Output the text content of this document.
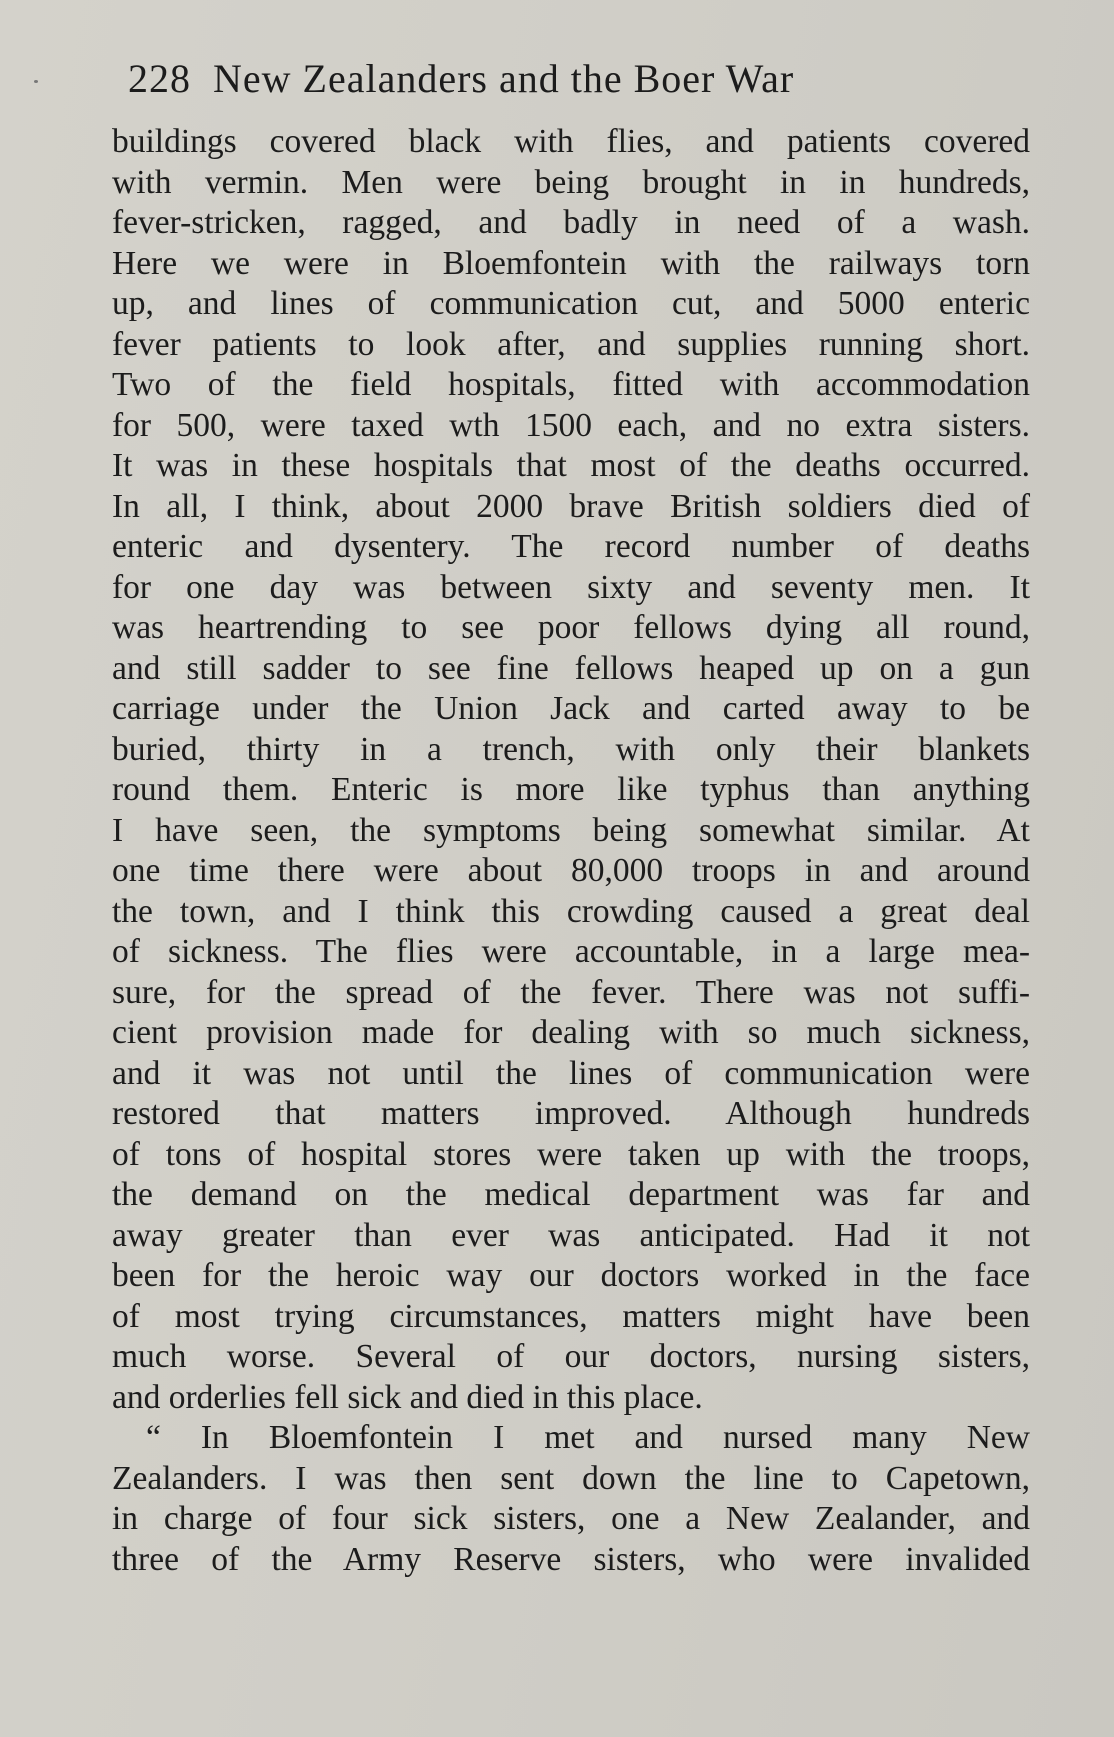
228 New Zealanders and the Boer War
buildings covered black with flies, and patients covered
with vermin. Men were being brought in in hundreds,
fever-stricken, ragged, and badly in need of a wash.
Here we were in Bloemfontein with the railways torn
up, and lines of communication cut, and 5000 enteric
fever patients to look after, and supplies running short.
Two of the field hospitals, fitted with accommodation
for 500, were taxed wth 1500 each, and no extra sisters.
It was in these hospitals that most of the deaths occurred.
In all, I think, about 2000 brave British soldiers died of
enteric and dysentery. The record number of deaths
for one day was between sixty and seventy men. It
was heartrending to see poor fellows dying all round,
and still sadder to see fine fellows heaped up on a gun
carriage under the Union Jack and carted away to be
buried, thirty in a trench, with only their blankets
round them. Enteric is more like typhus than anything
I have seen, the symptoms being somewhat similar. At
one time there were about 80,000 troops in and around
the town, and I think this crowding caused a great deal
of sickness. The flies were accountable, in a large mea-
sure, for the spread of the fever. There was not suffi-
cient provision made for dealing with so much sickness,
and it was not until the lines of communication were
restored that matters improved. Although hundreds
of tons of hospital stores were taken up with the troops,
the demand on the medical department was far and
away greater than ever was anticipated. Had it not
been for the heroic way our doctors worked in the face
of most trying circumstances, matters might have been
much worse. Several of our doctors, nursing sisters,
and orderlies fell sick and died in this place.
“ In Bloemfontein I met and nursed many New
Zealanders. I was then sent down the line to Capetown,
in charge of four sick sisters, one a New Zealander, and
three of the Army Reserve sisters, who were invalided
